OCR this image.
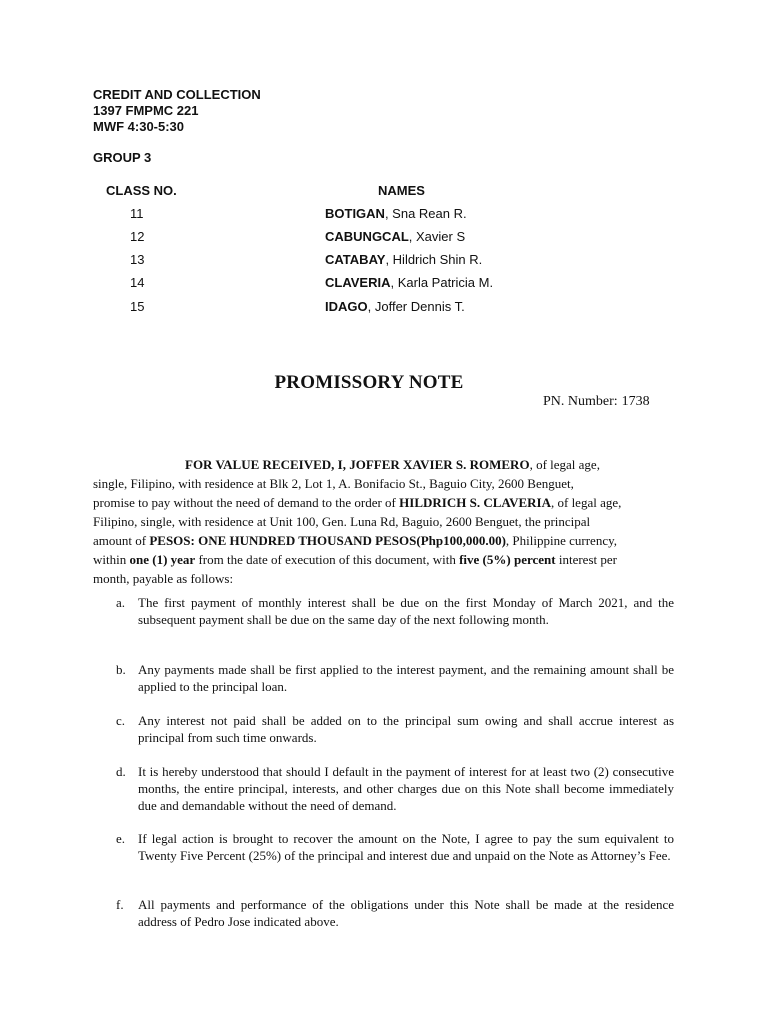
CREDIT AND COLLECTION
1397 FMPMC 221
MWF 4:30-5:30
GROUP 3
CLASS NO.	NAMES
11	BOTIGAN, Sna Rean R.
12	CABUNGCAL, Xavier S
13	CATABAY, Hildrich Shin R.
14	CLAVERIA, Karla Patricia M.
15	IDAGO, Joffer Dennis T.
PROMISSORY NOTE
PN. Number: 1738
FOR VALUE RECEIVED, I, JOFFER XAVIER S. ROMERO, of legal age,
single, Filipino, with residence at Blk 2, Lot 1, A. Bonifacio St., Baguio City, 2600 Benguet,
promise to pay without the need of demand to the order of HILDRICH S. CLAVERIA, of legal age,
Filipino, single, with residence at Unit 100, Gen. Luna Rd, Baguio, 2600 Benguet, the principal
amount of PESOS: ONE HUNDRED THOUSAND PESOS(Php100,000.00), Philippine currency,
within one (1) year from the date of execution of this document, with five (5%) percent interest per
month, payable as follows:
a. The first payment of monthly interest shall be due on the first Monday of March 2021, and the subsequent payment shall be due on the same day of the next following month.
b. Any payments made shall be first applied to the interest payment, and the remaining amount shall be applied to the principal loan.
c. Any interest not paid shall be added on to the principal sum owing and shall accrue interest as principal from such time onwards.
d. It is hereby understood that should I default in the payment of interest for at least two (2) consecutive months, the entire principal, interests, and other charges due on this Note shall become immediately due and demandable without the need of demand.
e. If legal action is brought to recover the amount on the Note, I agree to pay the sum equivalent to Twenty Five Percent (25%) of the principal and interest due and unpaid on the Note as Attorney’s Fee.
f. All payments and performance of the obligations under this Note shall be made at the residence address of Pedro Jose indicated above.
